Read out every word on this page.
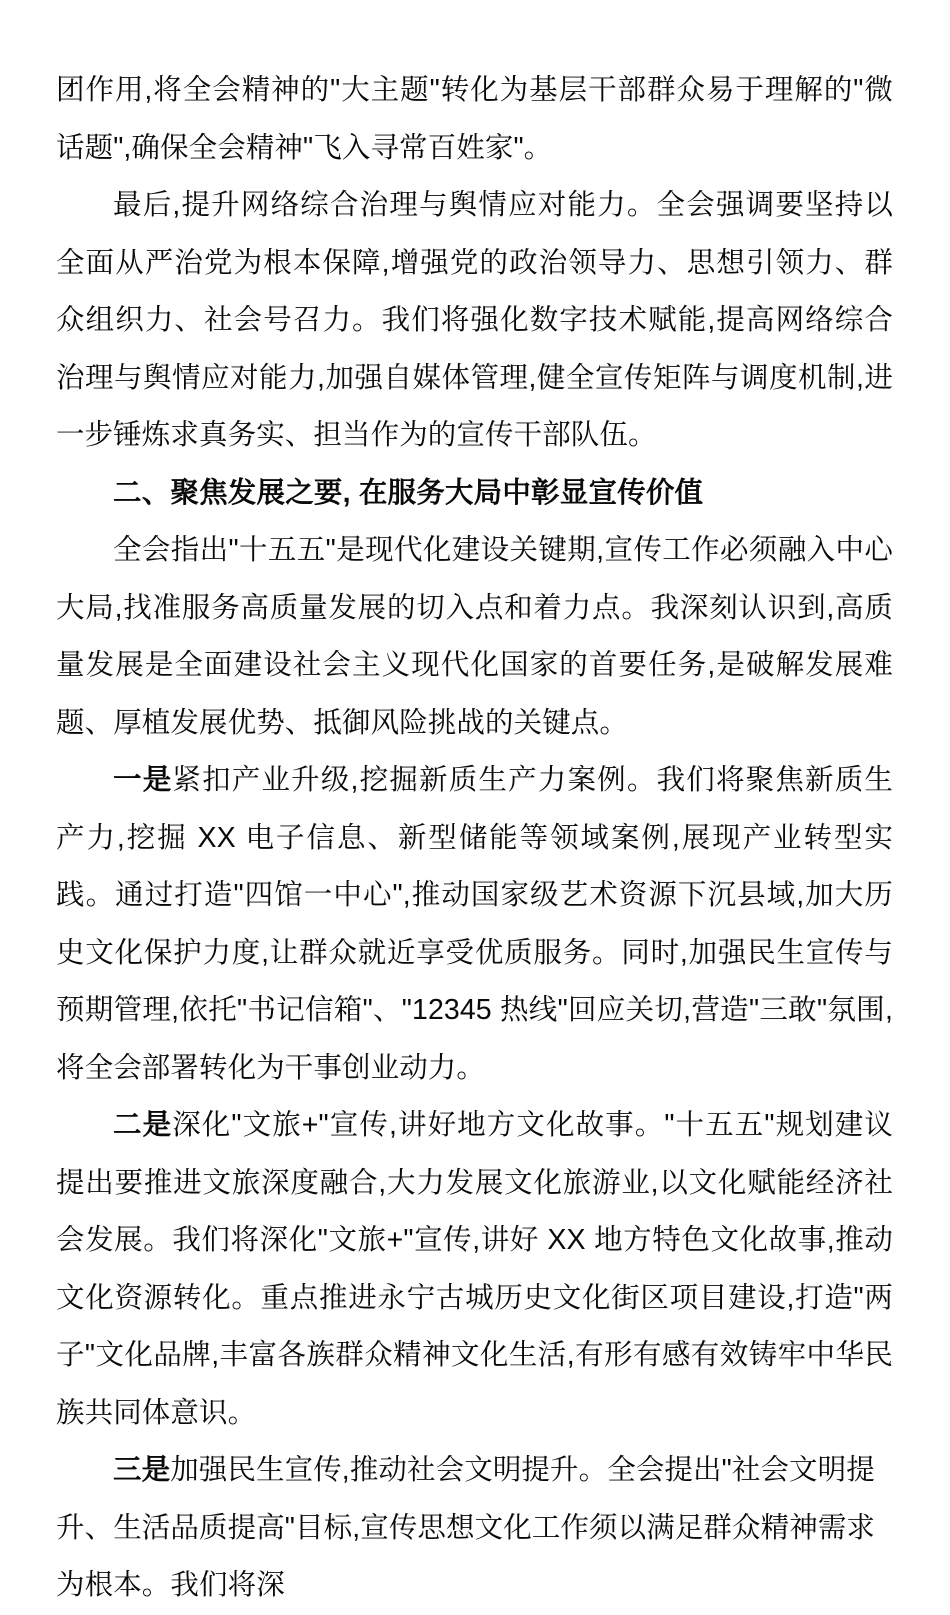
团作用,将全会精神的"大主题"转化为基层干部群众易于理解的"微话题",确保全会精神"飞入寻常百姓家"。

最后,提升网络综合治理与舆情应对能力。全会强调要坚持以全面从严治党为根本保障,增强党的政治领导力、思想引领力、群众组织力、社会号召力。我们将强化数字技术赋能,提高网络综合治理与舆情应对能力,加强自媒体管理,健全宣传矩阵与调度机制,进一步锤炼求真务实、担当作为的宣传干部队伍。

二、聚焦发展之要, 在服务大局中彰显宣传价值

全会指出"十五五"是现代化建设关键期,宣传工作必须融入中心大局,找准服务高质量发展的切入点和着力点。我深刻认识到,高质量发展是全面建设社会主义现代化国家的首要任务,是破解发展难题、厚植发展优势、抵御风险挑战的关键点。

一是紧扣产业升级,挖掘新质生产力案例。我们将聚焦新质生产力,挖掘 XX 电子信息、新型储能等领域案例,展现产业转型实践。通过打造"四馆一中心",推动国家级艺术资源下沉县域,加大历史文化保护力度,让群众就近享受优质服务。同时,加强民生宣传与预期管理,依托"书记信箱"、"12345 热线"回应关切,营造"三敢"氛围,将全会部署转化为干事创业动力。

二是深化"文旅+"宣传,讲好地方文化故事。"十五五"规划建议提出要推进文旅深度融合,大力发展文化旅游业,以文化赋能经济社会发展。我们将深化"文旅+"宣传,讲好 XX 地方特色文化故事,推动文化资源转化。重点推进永宁古城历史文化街区项目建设,打造"两子"文化品牌,丰富各族群众精神文化生活,有形有感有效铸牢中华民族共同体意识。

三是加强民生宣传,推动社会文明提升。全会提出"社会文明提升、生活品质提高"目标,宣传思想文化工作须以满足群众精神需求为根本。我们将深
